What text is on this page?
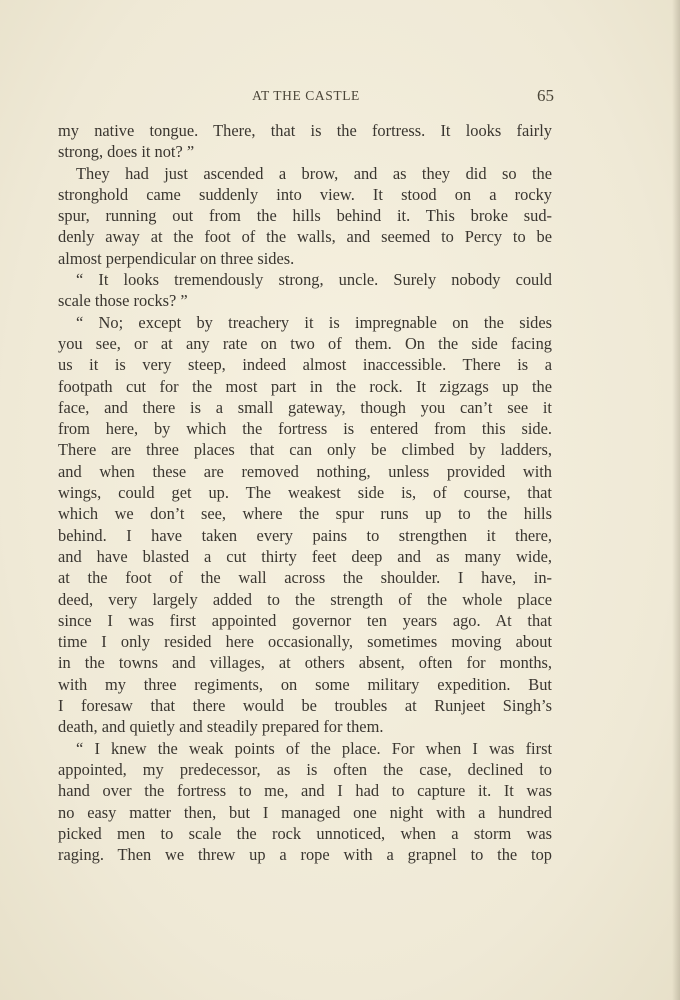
AT THE CASTLE	65
my native tongue. There, that is the fortress. It looks fairly
strong, does it not? ”
They had just ascended a brow, and as they did so the
stronghold came suddenly into view. It stood on a rocky
spur, running out from the hills behind it. This broke sud-
denly away at the foot of the walls, and seemed to Percy to be
almost perpendicular on three sides.
“ It looks tremendously strong, uncle. Surely nobody could
scale those rocks? ”
“ No; except by treachery it is impregnable on the sides
you see, or at any rate on two of them. On the side facing
us it is very steep, indeed almost inaccessible. There is a
footpath cut for the most part in the rock. It zigzags up the
face, and there is a small gateway, though you can’t see it
from here, by which the fortress is entered from this side.
There are three places that can only be climbed by ladders,
and when these are removed nothing, unless provided with
wings, could get up. The weakest side is, of course, that
which we don’t see, where the spur runs up to the hills
behind. I have taken every pains to strengthen it there,
and have blasted a cut thirty feet deep and as many wide,
at the foot of the wall across the shoulder. I have, in-
deed, very largely added to the strength of the whole place
since I was first appointed governor ten years ago. At that
time I only resided here occasionally, sometimes moving about
in the towns and villages, at others absent, often for months,
with my three regiments, on some military expedition. But
I foresaw that there would be troubles at Runjeet Singh’s
death, and quietly and steadily prepared for them.
“ I knew the weak points of the place. For when I was first
appointed, my predecessor, as is often the case, declined to
hand over the fortress to me, and I had to capture it. It was
no easy matter then, but I managed one night with a hundred
picked men to scale the rock unnoticed, when a storm was
raging. Then we threw up a rope with a grapnel to the top
